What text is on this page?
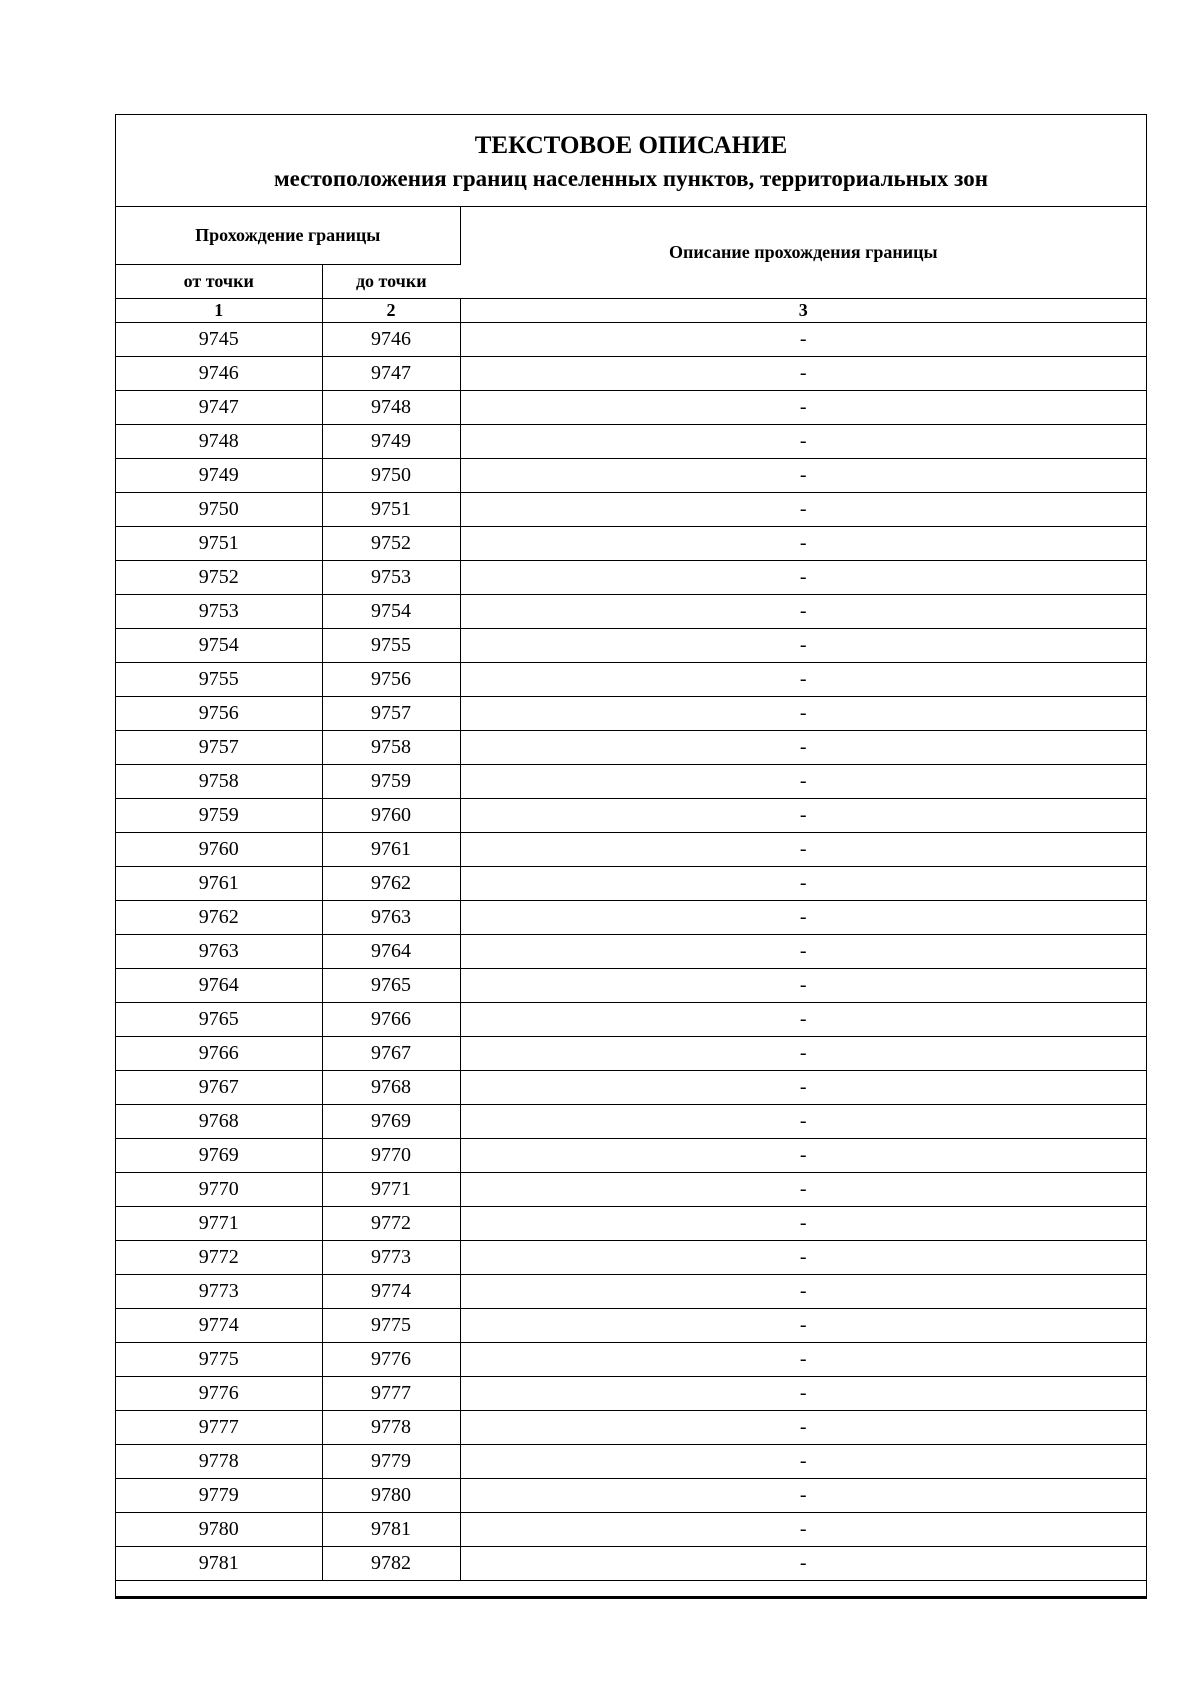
ТЕКСТОВОЕ ОПИСАНИЕ
местоположения границ населенных пунктов, территориальных зон
Прохождение границы		Описание прохождения границы
от точки	до точки	
1	2	3
9745	9746	-
9746	9747	-
9747	9748	-
9748	9749	-
9749	9750	-
9750	9751	-
9751	9752	-
9752	9753	-
9753	9754	-
9754	9755	-
9755	9756	-
9756	9757	-
9757	9758	-
9758	9759	-
9759	9760	-
9760	9761	-
9761	9762	-
9762	9763	-
9763	9764	-
9764	9765	-
9765	9766	-
9766	9767	-
9767	9768	-
9768	9769	-
9769	9770	-
9770	9771	-
9771	9772	-
9772	9773	-
9773	9774	-
9774	9775	-
9775	9776	-
9776	9777	-
9777	9778	-
9778	9779	-
9779	9780	-
9780	9781	-
9781	9782	-
